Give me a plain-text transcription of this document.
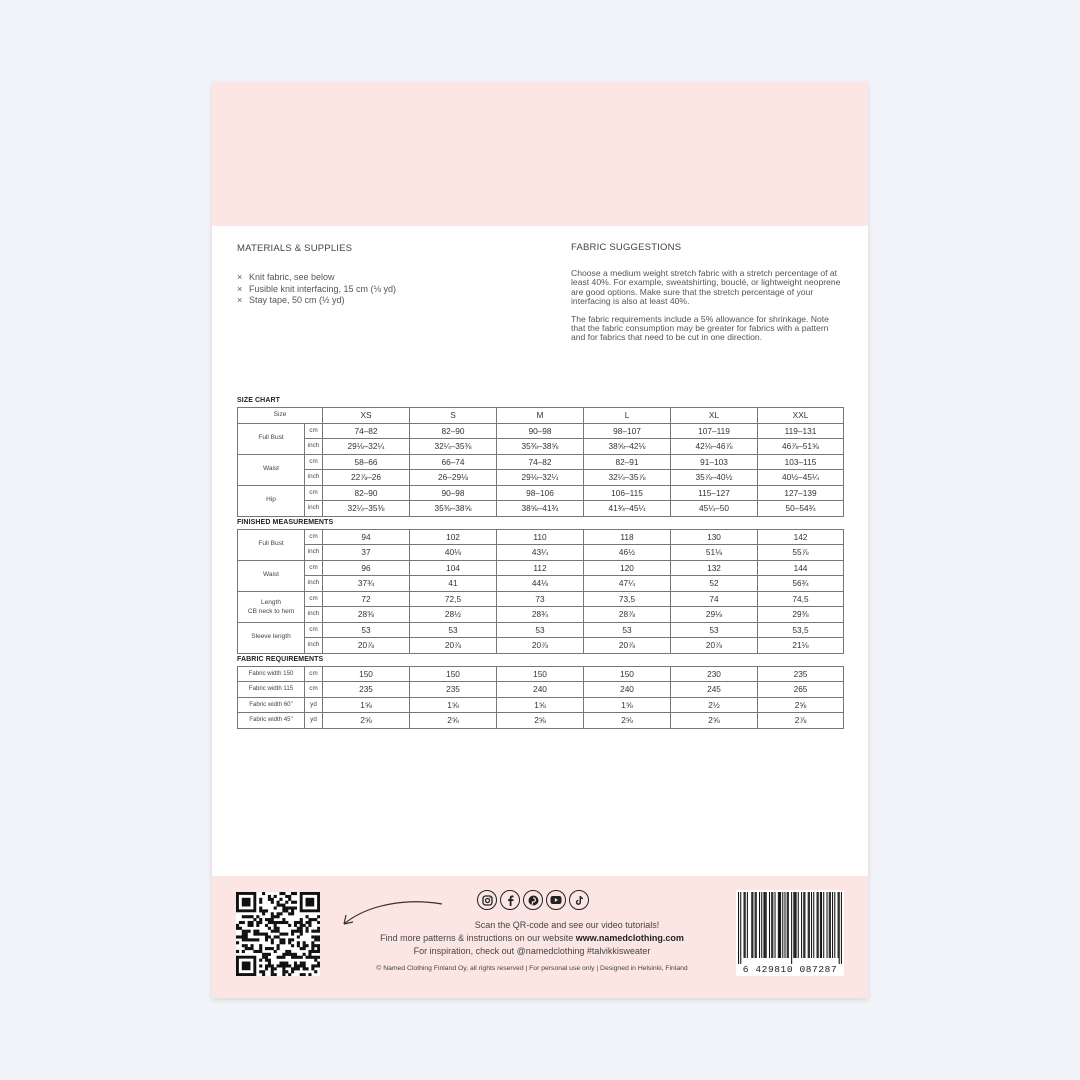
MATERIALS & SUPPLIES
× Knit fabric, see below
× Fusible knit interfacing, 15 cm (⅛ yd)
× Stay tape, 50 cm (½ yd)
FABRIC SUGGESTIONS

Choose a medium weight stretch fabric with a stretch percentage of at least 40%. For example, sweatshirting, bouclé, or lightweight neoprene are good options. Make sure that the stretch percentage of your interfacing is also at least 40%.

The fabric requirements include a 5% allowance for shrinkage. Note that the fabric consumption may be greater for fabrics with a pattern and for fabrics that need to be cut in one direction.

SIZE CHART
Size		XS	S	M	L	XL	XXL
Full Bust	cm	74–82	82–90	90–98	98–107	107–119	119–131
	inch	29⅛–32¼	32¼–35⅜	35⅜–38⅝	38⅝–42⅛	42⅛–46⅞	46⅞–51⅝
Waist	cm	58–66	66–74	74–82	82–91	91–103	103–115
	inch	22⅞–26	26–29⅛	29⅛–32¼	32¼–35⅞	35⅞–40½	40½–45¼
Hip	cm	82–90	90–98	98–106	106–115	115–127	127–139
	inch	32¼–35⅜	35⅜–38⅝	38⅝–41¾	41¾–45¼	45¼–50	50–54¾
FINISHED MEASUREMENTS
Full Bust	cm	94	102	110	118	130	142
	inch	37	40⅛	43¼	46½	51⅛	55⅞
Waist	cm	96	104	112	120	132	144
	inch	37¾	41	44⅛	47¼	52	56¾
Length
CB neck to hem	cm	72	72,5	73	73,5	74	74,5
	inch	28⅜	28½	28¾	28⅞	29⅛	29⅜
Sleeve length	cm	53	53	53	53	53	53,5
	inch	20⅞	20⅞	20⅞	20⅞	20⅞	21⅛
FABRIC REQUIREMENTS
Fabric width 150	cm	150	150	150	150	230	235
Fabric width 115	cm	235	235	240	240	245	265
Fabric width 60"	yd	1⅝	1⅝	1⅝	1⅝	2½	2⅝
Fabric width 45"	yd	2⅝	2⅝	2⅝	2⅝	2⅝	2⅞
Scan the QR-code and see our video tutorials!
Find more patterns & instructions on our website www.namedclothing.com
For inspiration, check out @namedclothing #talvikkisweater
© Named Clothing Finland Oy, all rights reserved | For personal use only | Designed in Helsinki, Finland	6 429810 087287
